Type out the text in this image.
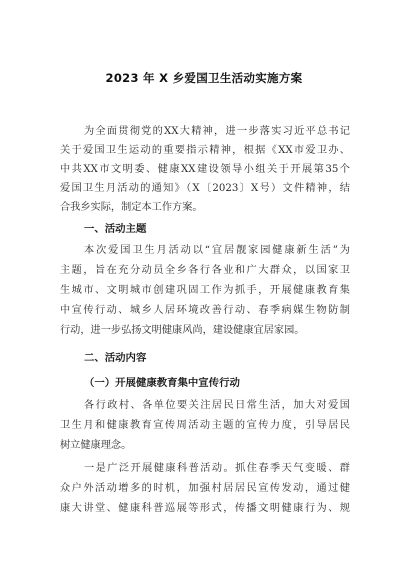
2023 年 X 乡爱国卫生活动实施方案
为全面贯彻党的XX大精神，进一步落实习近平总书记
关于爱国卫生运动的重要指示精神，根据《XX市爱卫办、
中共XX市文明委、健康XX建设领导小组关于开展第35个
爱国卫生月活动的通知》（X〔2023〕X号）文件精神，结
合我乡实际，制定本工作方案。
一、活动主题
本次爱国卫生月活动以“宜居靓家园健康新生活”为
主题，旨在充分动员全乡各行各业和广大群众，以国家卫
生城市、文明城市创建巩固工作为抓手，开展健康教育集
中宣传行动、城乡人居环境改善行动、春季病媒生物防制
行动，进一步弘扬文明健康风尚，建设健康宜居家园。
二、活动内容
（一）开展健康教育集中宣传行动
各行政村、各单位要关注居民日常生活，加大对爱国
卫生月和健康教育宣传周活动主题的宣传力度，引导居民
树立健康理念。
一是广泛开展健康科普活动。抓住春季天气变暖、群
众户外活动增多的时机，加强村居居民宣传发动，通过健
康大讲堂、健康科普巡展等形式，传播文明健康行为、规
